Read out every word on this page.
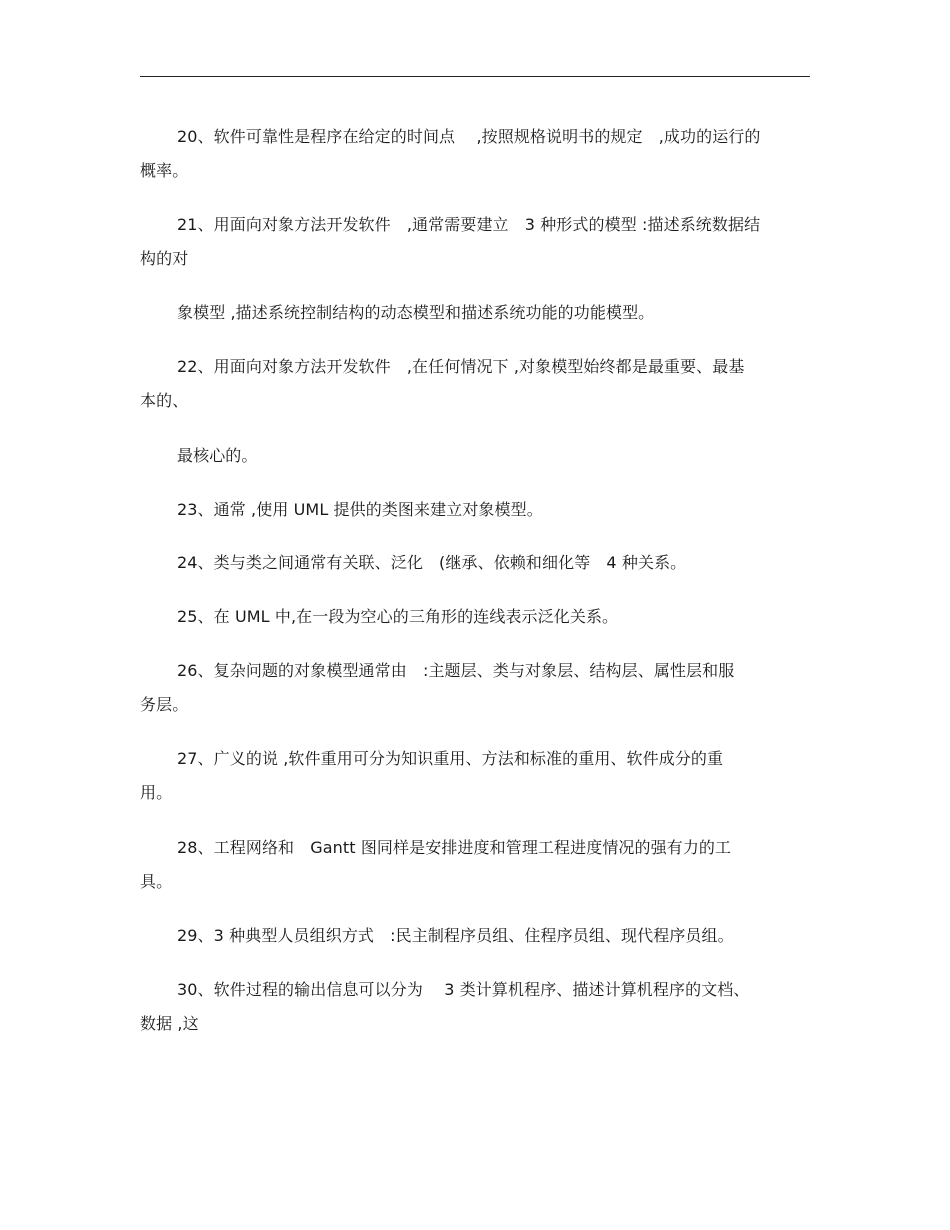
20、软件可靠性是程序在给定的时间点　 ,按照规格说明书的规定　,成功的运行的
概率。
21、用面向对象方法开发软件　,通常需要建立　3 种形式的模型 :描述系统数据结
构的对
象模型 ,描述系统控制结构的动态模型和描述系统功能的功能模型。
22、用面向对象方法开发软件　,在任何情况下 ,对象模型始终都是最重要、最基
本的、
最核心的。
23、通常 ,使用 UML 提供的类图来建立对象模型。
24、类与类之间通常有关联、泛化　(继承、依赖和细化等　4 种关系。
25、在 UML 中,在一段为空心的三角形的连线表示泛化关系。
26、复杂问题的对象模型通常由　:主题层、类与对象层、结构层、属性层和服
务层。
27、广义的说 ,软件重用可分为知识重用、方法和标准的重用、软件成分的重
用。
28、工程网络和　Gantt 图同样是安排进度和管理工程进度情况的强有力的工
具。
29、3 种典型人员组织方式　:民主制程序员组、住程序员组、现代程序员组。
30、软件过程的输出信息可以分为　 3 类计算机程序、描述计算机程序的文档、
数据 ,这
